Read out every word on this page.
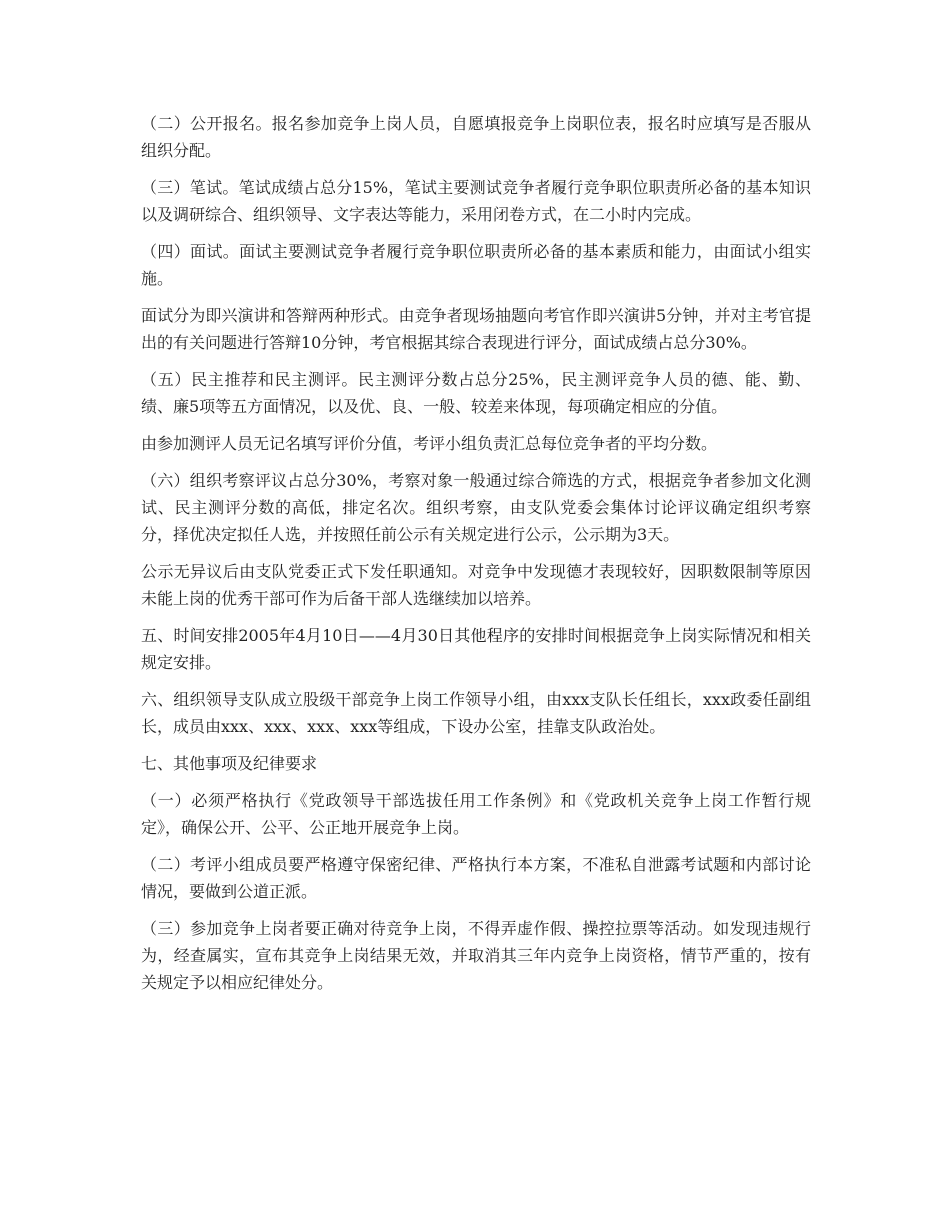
（二）公开报名。报名参加竞争上岗人员，自愿填报竞争上岗职位表，报名时应填写是否服从组织分配。

（三）笔试。笔试成绩占总分15%，笔试主要测试竞争者履行竞争职位职责所必备的基本知识以及调研综合、组织领导、文字表达等能力，采用闭卷方式，在二小时内完成。

（四）面试。面试主要测试竞争者履行竞争职位职责所必备的基本素质和能力，由面试小组实施。

面试分为即兴演讲和答辩两种形式。由竞争者现场抽题向考官作即兴演讲5分钟，并对主考官提出的有关问题进行答辩10分钟，考官根据其综合表现进行评分，面试成绩占总分30%。

（五）民主推荐和民主测评。民主测评分数占总分25%，民主测评竞争人员的德、能、勤、绩、廉5项等五方面情况，以及优、良、一般、较差来体现，每项确定相应的分值。

由参加测评人员无记名填写评价分值，考评小组负责汇总每位竞争者的平均分数。

（六）组织考察评议占总分30%，考察对象一般通过综合筛选的方式，根据竞争者参加文化测试、民主测评分数的高低，排定名次。组织考察，由支队党委会集体讨论评议确定组织考察分，择优决定拟任人选，并按照任前公示有关规定进行公示，公示期为3天。

公示无异议后由支队党委正式下发任职通知。对竞争中发现德才表现较好，因职数限制等原因未能上岗的优秀干部可作为后备干部人选继续加以培养。

五、时间安排2005年4月10日——4月30日其他程序的安排时间根据竞争上岗实际情况和相关规定安排。

六、组织领导支队成立股级干部竞争上岗工作领导小组，由xxx支队长任组长，xxx政委任副组长，成员由xxx、xxx、xxx、xxx等组成，下设办公室，挂靠支队政治处。

七、其他事项及纪律要求

（一）必须严格执行《党政领导干部选拔任用工作条例》和《党政机关竞争上岗工作暂行规定》，确保公开、公平、公正地开展竞争上岗。

（二）考评小组成员要严格遵守保密纪律、严格执行本方案，不准私自泄露考试题和内部讨论情况，要做到公道正派。

（三）参加竞争上岗者要正确对待竞争上岗，不得弄虚作假、操控拉票等活动。如发现违规行为，经查属实，宣布其竞争上岗结果无效，并取消其三年内竞争上岗资格，情节严重的，按有关规定予以相应纪律处分。
